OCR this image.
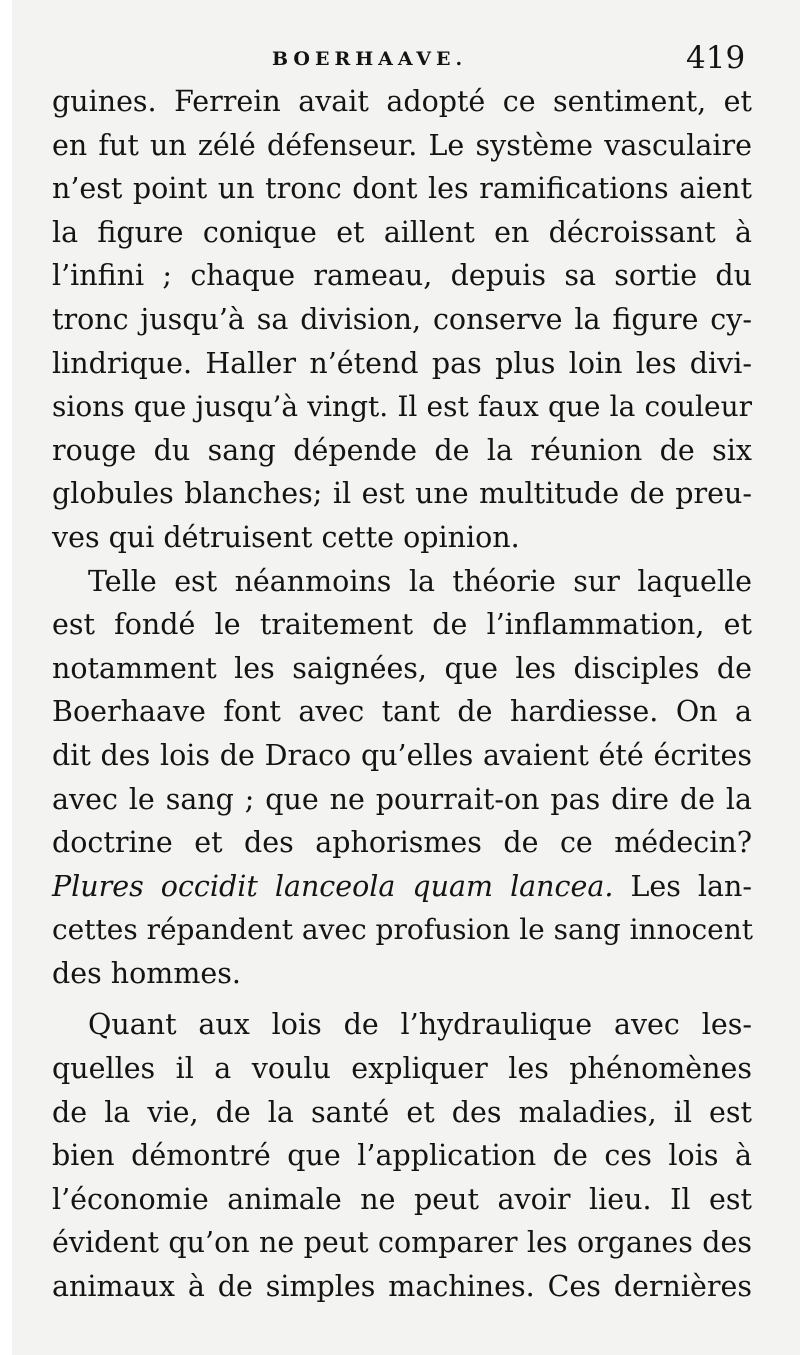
BOERHAAVE.	419
guines. Ferrein avait adopté ce sentiment, et
en fut un zélé défenseur. Le système vasculaire
n’est point un tronc dont les ramifications aient
la figure conique et aillent en décroissant à
l’infini ; chaque rameau, depuis sa sortie du
tronc jusqu’à sa division, conserve la figure cy-
lindrique. Haller n’étend pas plus loin les divi-
sions que jusqu’à vingt. Il est faux que la couleur
rouge du sang dépende de la réunion de six
globules blanches; il est une multitude de preu-
ves qui détruisent cette opinion.
Telle est néanmoins la théorie sur laquelle
est fondé le traitement de l’inflammation, et
notamment les saignées, que les disciples de
Boerhaave font avec tant de hardiesse. On a
dit des lois de Draco qu’elles avaient été écrites
avec le sang ; que ne pourrait-on pas dire de la
doctrine et des aphorismes de ce médecin?
Plures occidit lanceola quam lancea. Les lan-
cettes répandent avec profusion le sang innocent
des hommes.
Quant aux lois de l’hydraulique avec les-
quelles il a voulu expliquer les phénomènes
de la vie, de la santé et des maladies, il est
bien démontré que l’application de ces lois à
l’économie animale ne peut avoir lieu. Il est
évident qu’on ne peut comparer les organes des
animaux à de simples machines. Ces dernières
